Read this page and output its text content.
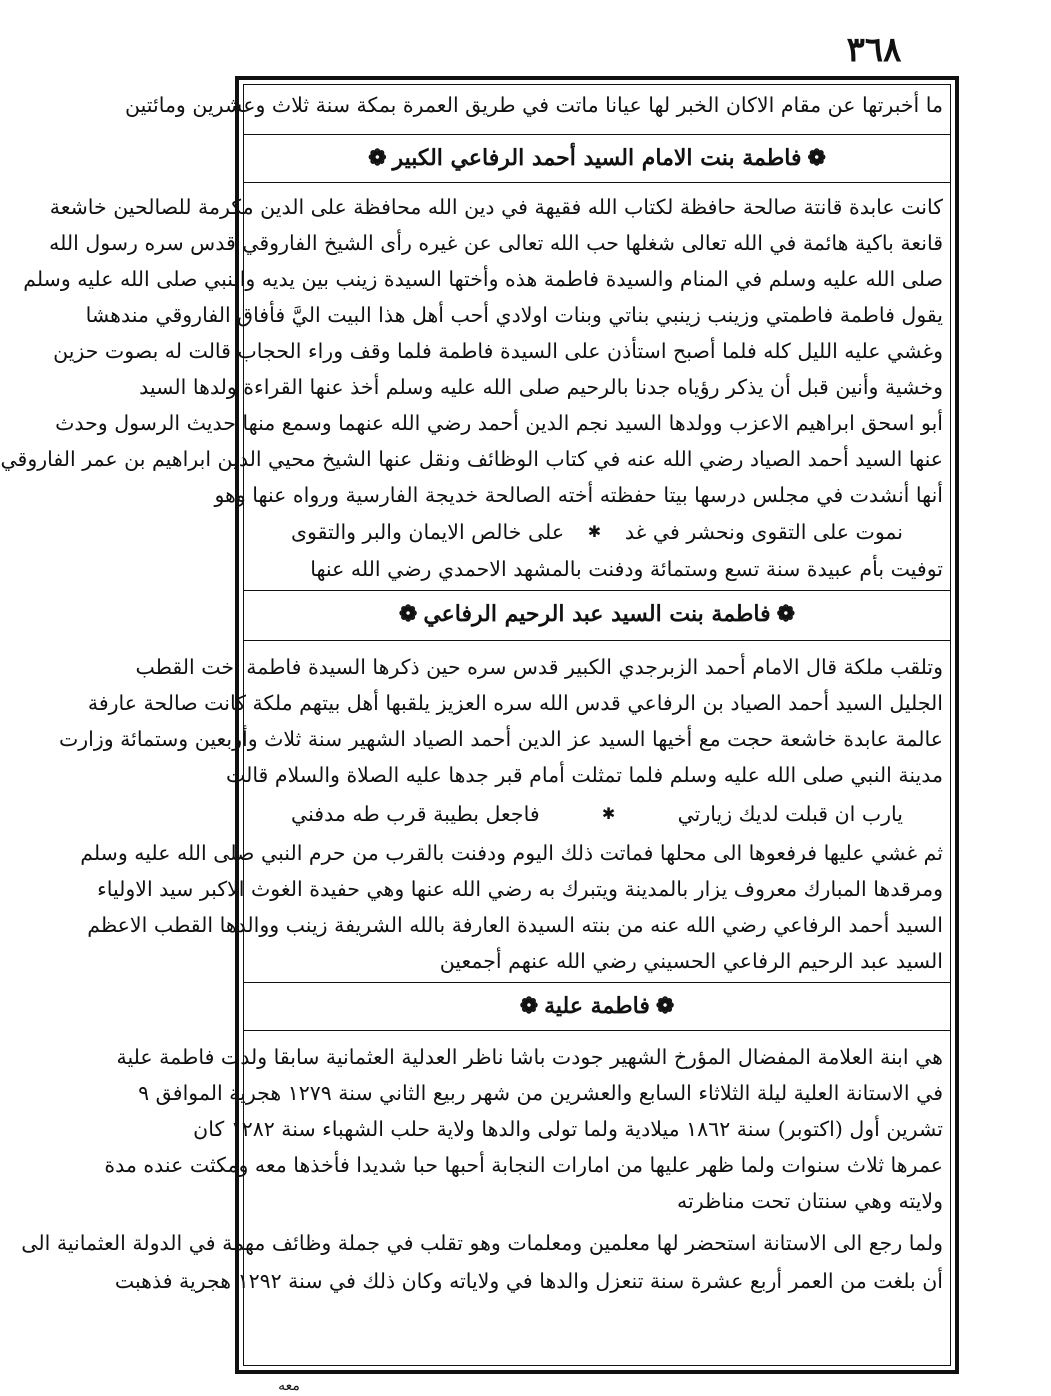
٣٦٨
ما أخبرتها عن مقام الاكان الخبر لها عيانا ماتت في طريق العمرة بمكة سنة ثلاث وعشرين ومائتين
❁فاطمة بنت الامام السيد أحمد الرفاعي الكبير❁
كانت عابدة قانتة صالحة حافظة لكتاب الله فقيهة في دين الله محافظة على الدين مكرمة للصالحين خاشعة
قانعة باكية هائمة في الله تعالى شغلها حب الله تعالى عن غيره رأى الشيخ الفاروقي قدس سره رسول الله
صلى الله عليه وسلم في المنام والسيدة فاطمة هذه وأختها السيدة زينب بين يديه والنبي صلى الله عليه وسلم
يقول فاطمة فاطمتي وزينب زينبي بناتي وبنات اولادي أحب أهل هذا البيت اليَّ فأفاق الفاروقي مندهشا
وغشي عليه الليل كله فلما أصبح استأذن على السيدة فاطمة فلما وقف وراء الحجاب قالت له بصوت حزين
وخشية وأنين قبل أن يذكر رؤياه جدنا بالرحيم صلى الله عليه وسلم أخذ عنها القراءة ولدها السيد
أبو اسحق ابراهيم الاعزب وولدها السيد نجم الدين أحمد رضي الله عنهما وسمع منها حديث الرسول وحدث
عنها السيد أحمد الصياد رضي الله عنه في كتاب الوظائف ونقل عنها الشيخ محيي الدين ابراهيم بن عمر الفاروقي
أنها أنشدت في مجلس درسها بيتا حفظته أخته الصالحة خديجة الفارسية ورواه عنها وهو
نموت على التقوى ونحشر في غد
✱
على خالص الايمان والبر والتقوى
توفيت بأم عبيدة سنة تسع وستمائة ودفنت بالمشهد الاحمدي رضي الله عنها
❁فاطمة بنت السيد عبد الرحيم الرفاعي❁
وتلقب ملكة قال الامام أحمد الزبرجدي الكبير قدس سره حين ذكرها السيدة فاطمة أخت القطب
الجليل السيد أحمد الصياد بن الرفاعي قدس الله سره العزيز يلقبها أهل بيتهم ملكة كانت صالحة عارفة
عالمة عابدة خاشعة حجت مع أخيها السيد عز الدين أحمد الصياد الشهير سنة ثلاث وأربعين وستمائة وزارت
مدينة النبي صلى الله عليه وسلم فلما تمثلت أمام قبر جدها عليه الصلاة والسلام قالت
يارب ان قبلت لديك زيارتي
✱
فاجعل بطيبة قرب طه مدفني
ثم غشي عليها فرفعوها الى محلها فماتت ذلك اليوم ودفنت بالقرب من حرم النبي صلى الله عليه وسلم
ومرقدها المبارك معروف يزار بالمدينة ويتبرك به رضي الله عنها وهي حفيدة الغوث الاكبر سيد الاولياء
السيد أحمد الرفاعي رضي الله عنه من بنته السيدة العارفة بالله الشريفة زينب ووالدها القطب الاعظم
السيد عبد الرحيم الرفاعي الحسيني رضي الله عنهم أجمعين
❁فاطمة علية❁
هي ابنة العلامة المفضال المؤرخ الشهير جودت باشا ناظر العدلية العثمانية سابقا ولدت فاطمة علية
في الاستانة العلية ليلة الثلاثاء السابع والعشرين من شهر ربيع الثاني سنة ١٢٧٩ هجرية الموافق ٩
تشرين أول (اكتوبر) سنة ١٨٦٢ ميلادية ولما تولى والدها ولاية حلب الشهباء سنة ١٢٨٢ كان
عمرها ثلاث سنوات ولما ظهر عليها من امارات النجابة أحبها حبا شديدا فأخذها معه ومكثت عنده مدة
ولايته وهي سنتان تحت مناظرته
ولما رجع الى الاستانة استحضر لها معلمين ومعلمات وهو تقلب في جملة وظائف مهمة في الدولة العثمانية الى
أن بلغت من العمر أربع عشرة سنة تنعزل والدها في ولاياته وكان ذلك في سنة ١٢٩٢ هجرية فذهبت
معه
